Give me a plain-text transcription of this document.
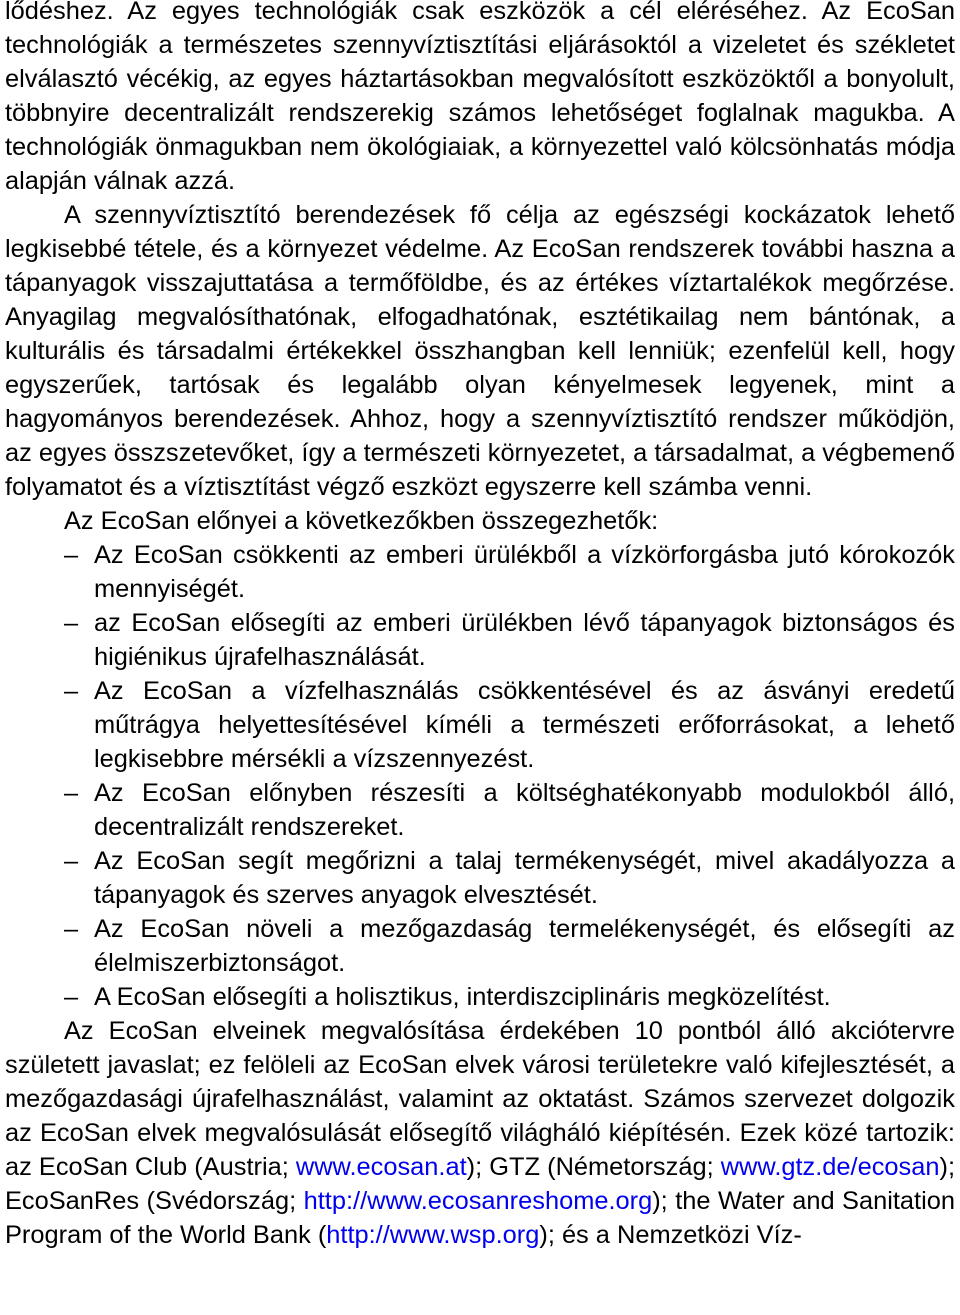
lődéshez. Az egyes technológiák csak eszközök a cél eléréséhez. Az EcoSan technológiák a természetes szennyvíztisztítási eljárásoktól a vizeletet és székletet elválasztó vécékig, az egyes háztartásokban megvalósított eszközöktől a bonyolult, többnyire decentralizált rendszerekig számos lehetőséget foglalnak magukba. A technológiák önmagukban nem ökológiaiak, a környezettel való kölcsönhatás módja alapján válnak azzá.

A szennyvíztisztító berendezések fő célja az egészségi kockázatok lehető legkisebbé tétele, és a környezet védelme. Az EcoSan rendszerek további haszna a tápanyagok visszajuttatása a termőföldbe, és az értékes víztartalékok megőrzése. Anyagilag megvalósíthatónak, elfogadhatónak, esztétikailag nem bántónak, a kulturális és társadalmi értékekkel összhangban kell lenniük; ezenfelül kell, hogy egyszerűek, tartósak és legalább olyan kényelmesek legyenek, mint a hagyományos berendezések. Ahhoz, hogy a szennyvíztisztító rendszer működjön, az egyes összszetevőket, így a természeti környezetet, a társadalmat, a végbemenő folyamatot és a víztisztítást végző eszközt egyszerre kell számba venni.

Az EcoSan előnyei a következőkben összegezhetők:

– Az EcoSan csökkenti az emberi ürülékből a vízkörforgásba jutó kórokozók mennyiségét.
– az EcoSan elősegíti az emberi ürülékben lévő tápanyagok biztonságos és higiénikus újrafelhasználását.
– Az EcoSan a vízfelhasználás csökkentésével és az ásványi eredetű műtrágya helyettesítésével kíméli a természeti erőforrásokat, a lehető legkisebbre mérsékli a vízszennyezést.
– Az EcoSan előnyben részesíti a költséghatékonyabb modulokból álló, decentralizált rendszereket.
– Az EcoSan segít megőrizni a talaj termékenységét, mivel akadályozza a tápanyagok és szerves anyagok elvesztését.
– Az EcoSan növeli a mezőgazdaság termelékenységét, és elősegíti az élelmiszerbiztonságot.
– A EcoSan elősegíti a holisztikus, interdiszciplináris megközelítést.

Az EcoSan elveinek megvalósítása érdekében 10 pontból álló akciótervre született javaslat; ez felöleli az EcoSan elvek városi területekre való kifejlesztését, a mezőgazdasági újrafelhasználást, valamint az oktatást. Számos szervezet dolgozik az EcoSan elvek megvalósulását elősegítő világháló kiépítésén. Ezek közé tartozik: az EcoSan Club (Austria; www.ecosan.at); GTZ (Németország; www.gtz.de/ecosan); EcoSanRes (Svédország; http://www.ecosanreshome.org); the Water and Sanitation Program of the World Bank (http://www.wsp.org); és a Nemzetközi Víz-
